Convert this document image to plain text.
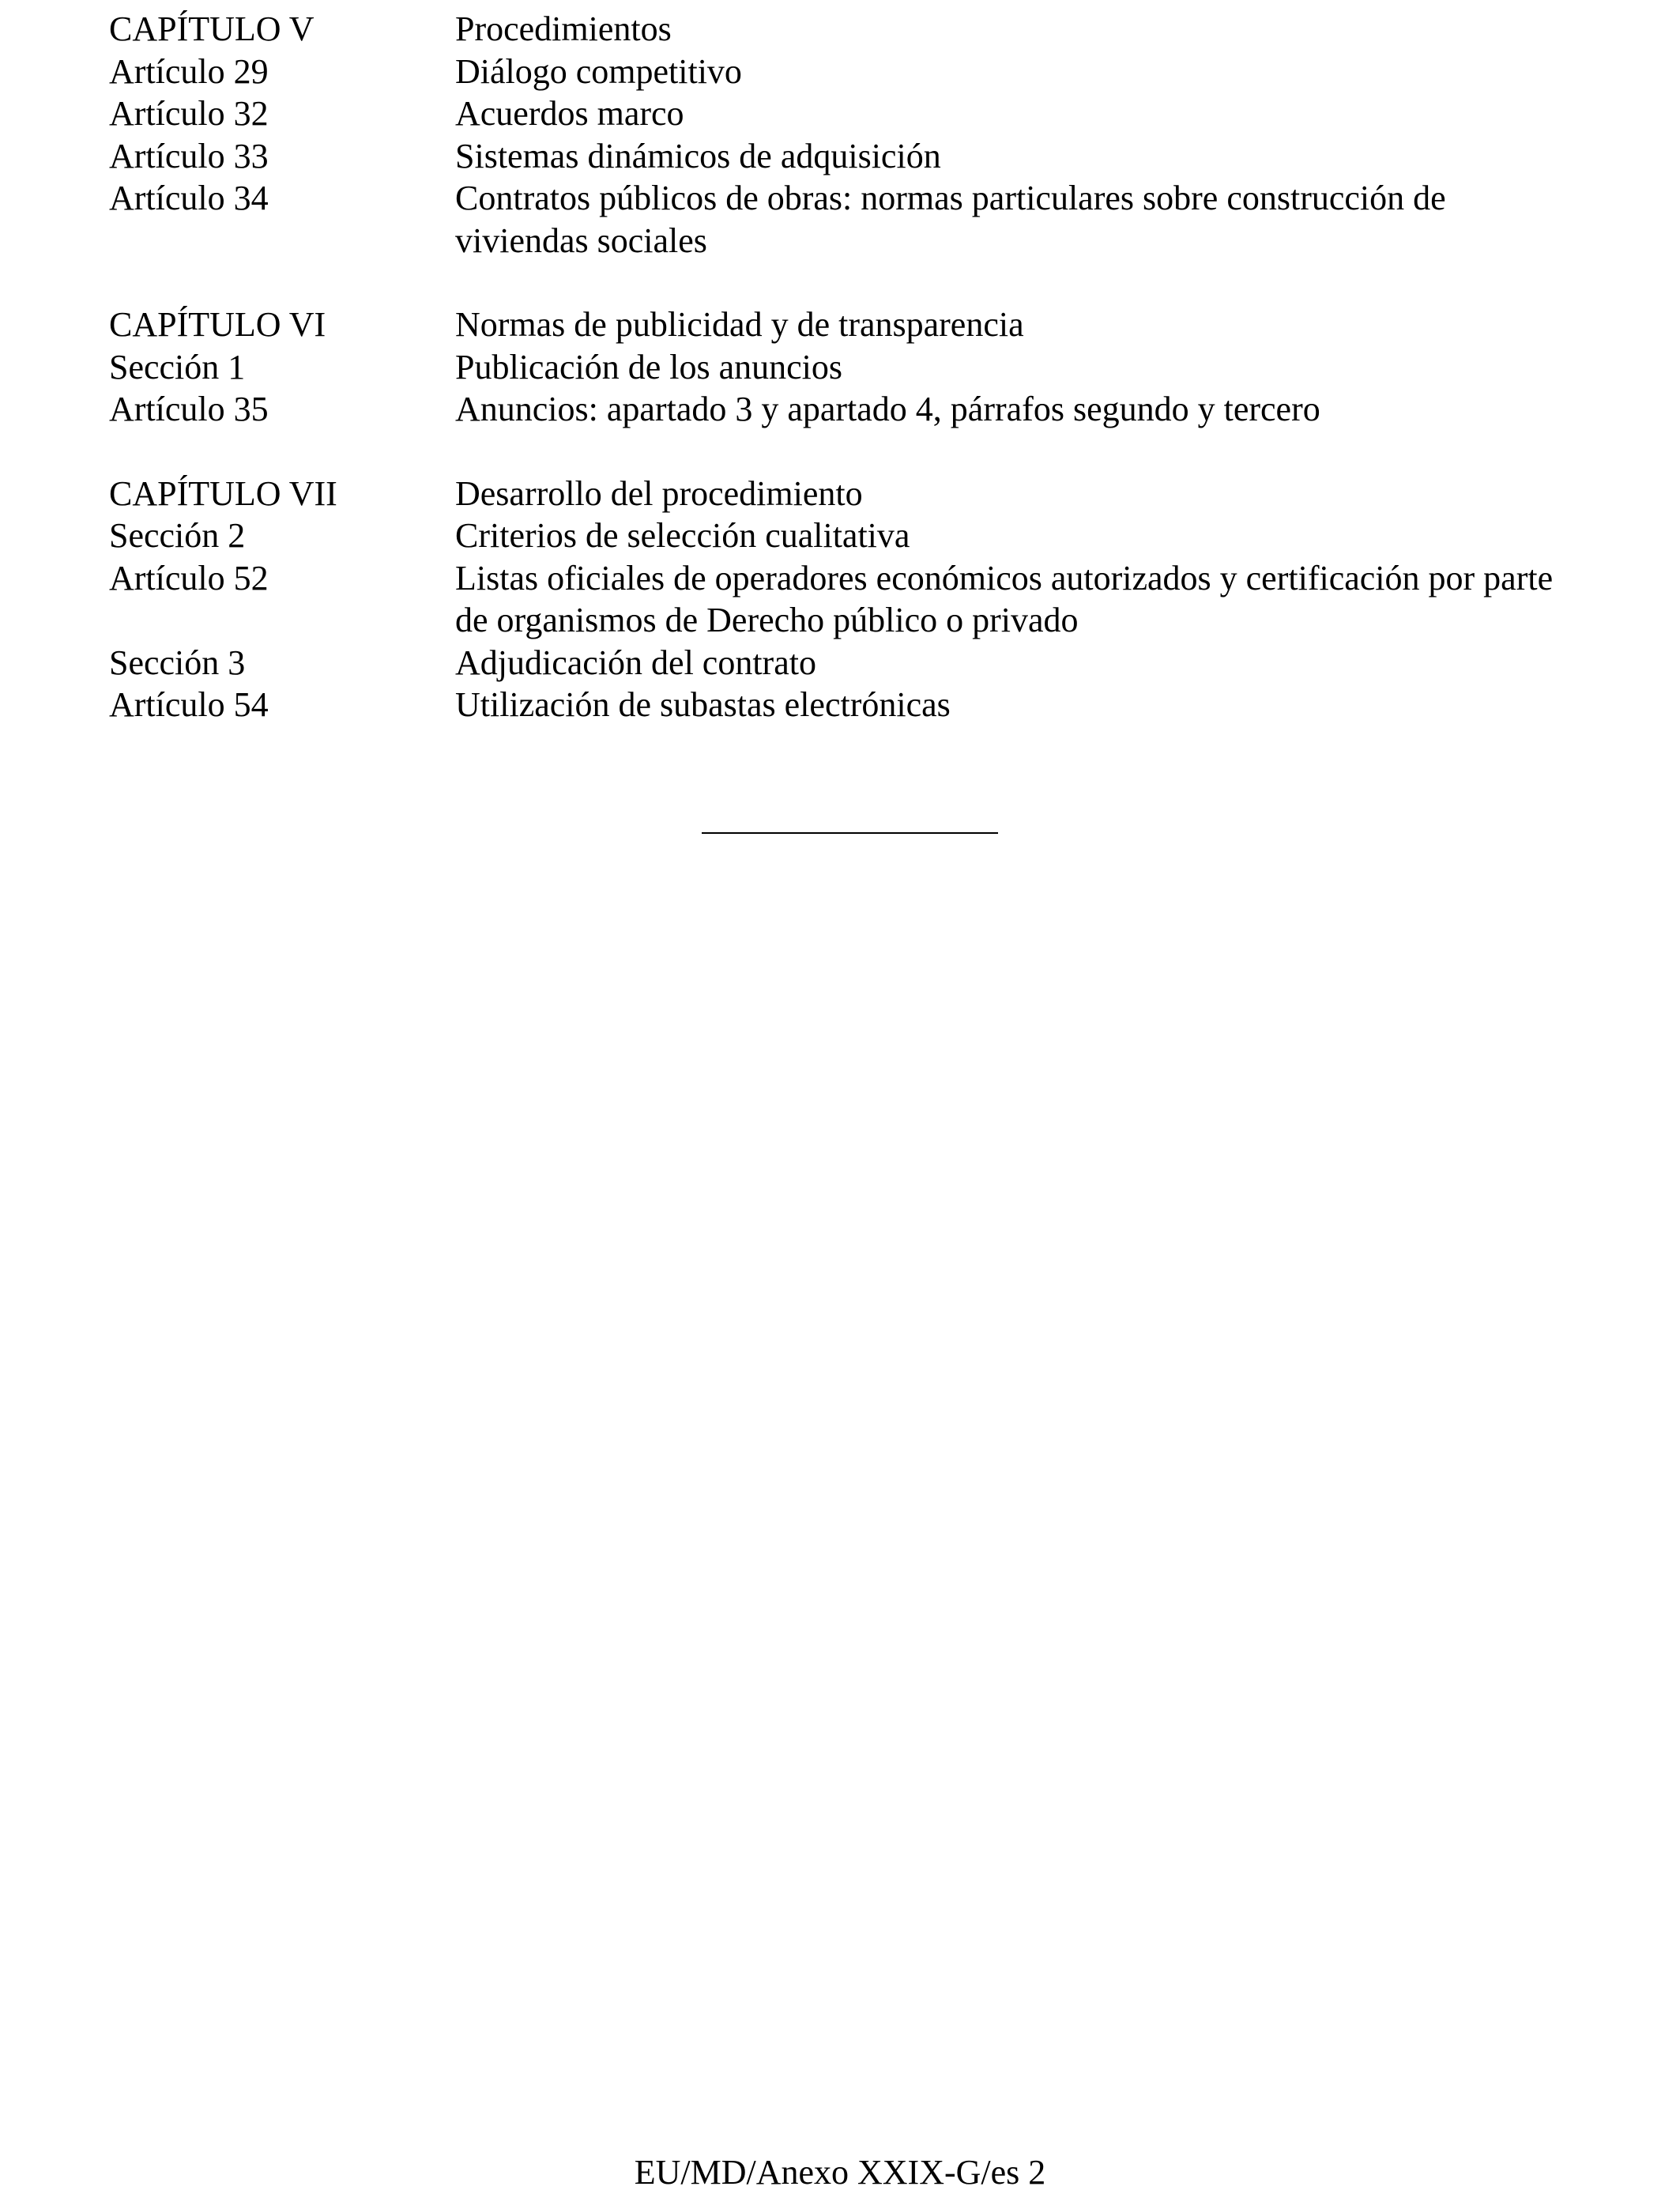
CAPÍTULO V	Procedimientos
Artículo 29	Diálogo competitivo
Artículo 32	Acuerdos marco
Artículo 33	Sistemas dinámicos de adquisición
Artículo 34	Contratos públicos de obras: normas particulares sobre construcción de viviendas sociales
CAPÍTULO VI	Normas de publicidad y de transparencia
Sección 1	Publicación de los anuncios
Artículo 35	Anuncios: apartado 3 y apartado 4, párrafos segundo y tercero
CAPÍTULO VII	Desarrollo del procedimiento
Sección 2	Criterios de selección cualitativa
Artículo 52	Listas oficiales de operadores económicos autorizados y certificación por parte de organismos de Derecho público o privado
Sección 3	Adjudicación del contrato
Artículo 54	Utilización de subastas electrónicas
EU/MD/Anexo XXIX-G/es 2
